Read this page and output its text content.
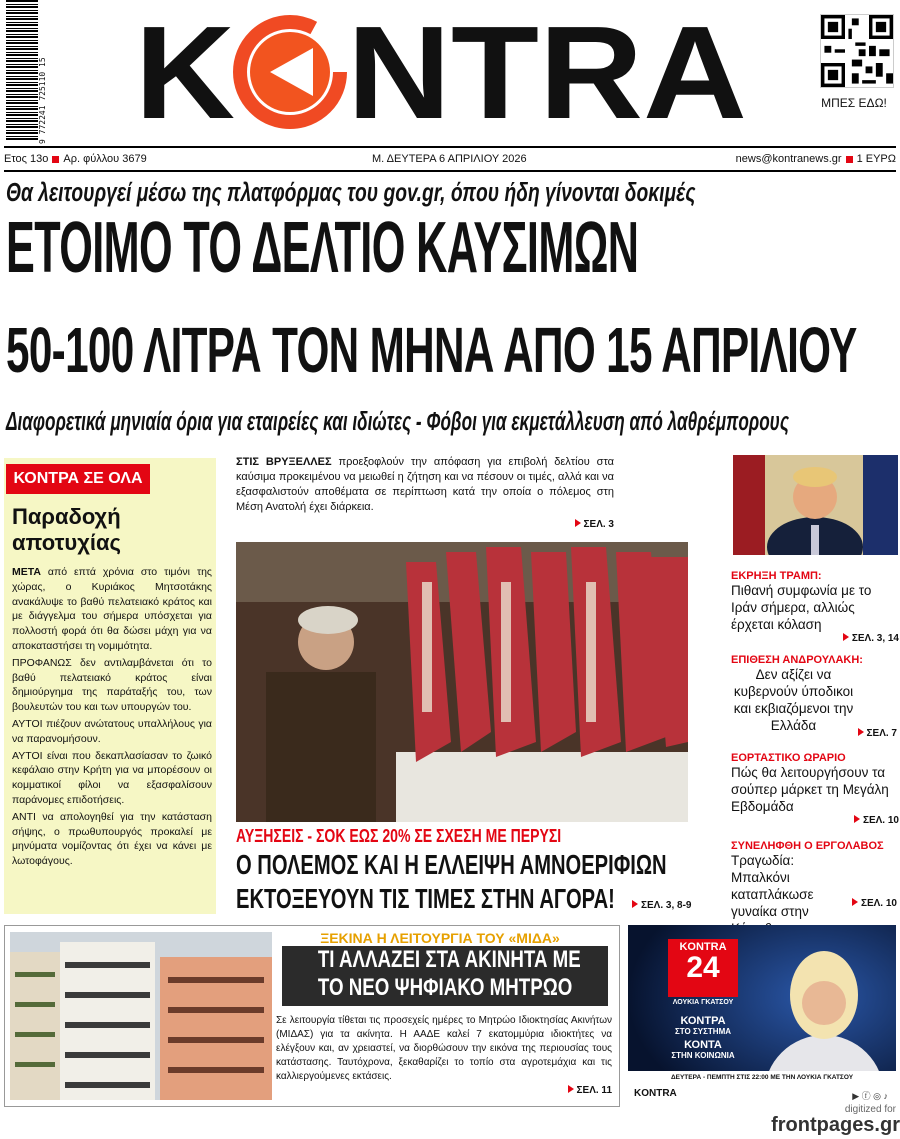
9 772241 725110 15 K NTRA	ΜΠΕΣ ΕΔΩ!
Ετος 13ο Αρ. φύλλου 3679	Μ. ΔΕΥΤΕΡΑ 6 ΑΠΡΙΛΙΟΥ 2026	news@kontranews.gr 1 ΕΥΡΩ
Θα λειτουργεί μέσω της πλατφόρμας του gov.gr, όπου ήδη γίνονται δοκιμές
ΕΤΟΙΜΟ ΤΟ ΔΕΛΤΙΟ ΚΑΥΣΙΜΩΝ
50-100 ΛΙΤΡΑ ΤΟΝ ΜΗΝΑ ΑΠΟ 15 ΑΠΡΙΛΙΟΥ
Διαφορετικά μηνιαία όρια για εταιρείες και ιδιώτες - Φόβοι για εκμετάλλευση από λαθρέμπορους
ΚΟΝΤΡΑ ΣΕ ΟΛΑ
Παραδοχή αποτυχίας

ΜΕΤΑ από επτά χρόνια στο τιμόνι της χώρας, ο Κυριάκος Μητσοτάκης ανακάλυψε το βαθύ πελατειακό κράτος και με διάγγελμα του σήμερα υπόσχεται για πολλοστή φορά ότι θα δώσει μάχη για να αποκαταστήσει τη νομιμότητα.

ΠΡΟΦΑΝΩΣ δεν αντιλαμβάνεται ότι το βαθύ πελατειακό κράτος είναι δημιούργημα της παράταξής του, των βουλευτών του και των υπουργών του.

ΑΥΤΟΙ πιέζουν ανώτατους υπαλλήλους για να παρανομήσουν.

ΑΥΤΟΙ είναι που δεκαπλασίασαν το ζωικό κεφάλαιο στην Κρήτη για να μπορέσουν οι κομματικοί φίλοι να εξασφαλίσουν παράνομες επιδοτήσεις.

ΑΝΤΙ να απολογηθεί για την κατάσταση σήψης, ο πρωθυπουργός προκαλεί με μηνύματα νομίζοντας ότι έχει να κάνει με λωτοφάγους.

ΣΤΙΣ ΒΡΥΞΕΛΛΕΣ προεξοφλούν την απόφαση για επιβολή δελτίου στα καύσιμα προκειμένου να μειωθεί η ζήτηση και να πέσουν οι τιμές, αλλά και να εξασφαλιστούν αποθέματα σε περίπτωση κατά την οποία ο πόλεμος στη Μέση Ανατολή έχει διάρκεια.
ΣΕΛ. 3
ΑΥΞΗΣΕΙΣ - ΣΟΚ ΕΩΣ 20% ΣΕ ΣΧΕΣΗ ΜΕ ΠΕΡΥΣΙ
Ο ΠΟΛΕΜΟΣ ΚΑΙ Η ΕΛΛΕΙΨΗ ΑΜΝΟΕΡΙΦΙΩΝ
ΕΚΤΟΞΕΥΟΥΝ ΤΙΣ ΤΙΜΕΣ ΣΤΗΝ ΑΓΟΡΑ!	ΣΕΛ. 3, 8-9
ΕΚΡΗΞΗ ΤΡΑΜΠ:
Πιθανή συμφωνία με το Ιράν σήμερα, αλλιώς έρχεται κόλαση
ΣΕΛ. 3, 14
ΕΠΙΘΕΣΗ ΑΝΔΡΟΥΛΑΚΗ:
Δεν αξίζει να κυβερνούν ύποδικοι και εκβιαζόμενοι την Ελλάδα
ΣΕΛ. 7
ΕΟΡΤΑΣΤΙΚΟ ΩΡΑΡΙΟ
Πώς θα λειτουργήσουν τα σούπερ μάρκετ τη Μεγάλη Εβδομάδα
ΣΕΛ. 10
ΣΥΝΕΛΗΦΘΗ Ο ΕΡΓΟΛΑΒΟΣ
Τραγωδία: Μπαλκόνι καταπλάκωσε γυναίκα στην
ΣΕΛ. 10
ΞΕΚΙΝΑ Η ΛΕΙΤΟΥΡΓΙΑ ΤΟΥ «ΜΙΔΑ»
ΤΙ ΑΛΛΑΖΕΙ ΣΤΑ ΑΚΙΝΗΤΑ ΜΕ
ΤΟ ΝΕΟ ΨΗΦΙΑΚΟ ΜΗΤΡΩΟ
Σε λειτουργία τίθεται τις προσεχείς ημέρες το Μητρώο Ιδιοκτησίας Ακινήτων (ΜΙΔΑΣ) για τα ακίνητα. Η ΑΑΔΕ καλεί 7 εκατομμύρια ιδιοκτήτες να ελέγξουν και, αν χρειαστεί, να διορθώσουν την εικόνα της περιουσίας τους κατάστασης. Ταυτόχρονα, ξεκαθαρίζει το τοπίο στα αγροτεμάχια και τις καλλιεργούμενες εκτάσεις.
ΣΕΛ. 11
KONTRA
24
ΛΟΥΚΙΑ ΓΚΑΤΣΟΥ
ΚΟΝΤΡΑ
ΣΤΟ ΣΥΣΤΗΜΑ
ΚΟΝΤΑ
ΣΤΗΝ ΚΟΙΝΩΝΙΑ
ΔΕΥΤΕΡΑ - ΠΕΜΠΤΗ ΣΤΙΣ 22:00 ΜΕ ΤΗΝ ΛΟΥΚΙΑ ΓΚΑΤΣΟΥ
KONTRA	▶ ⓕ ◎ ♪
digitized for
frontpages.gr
